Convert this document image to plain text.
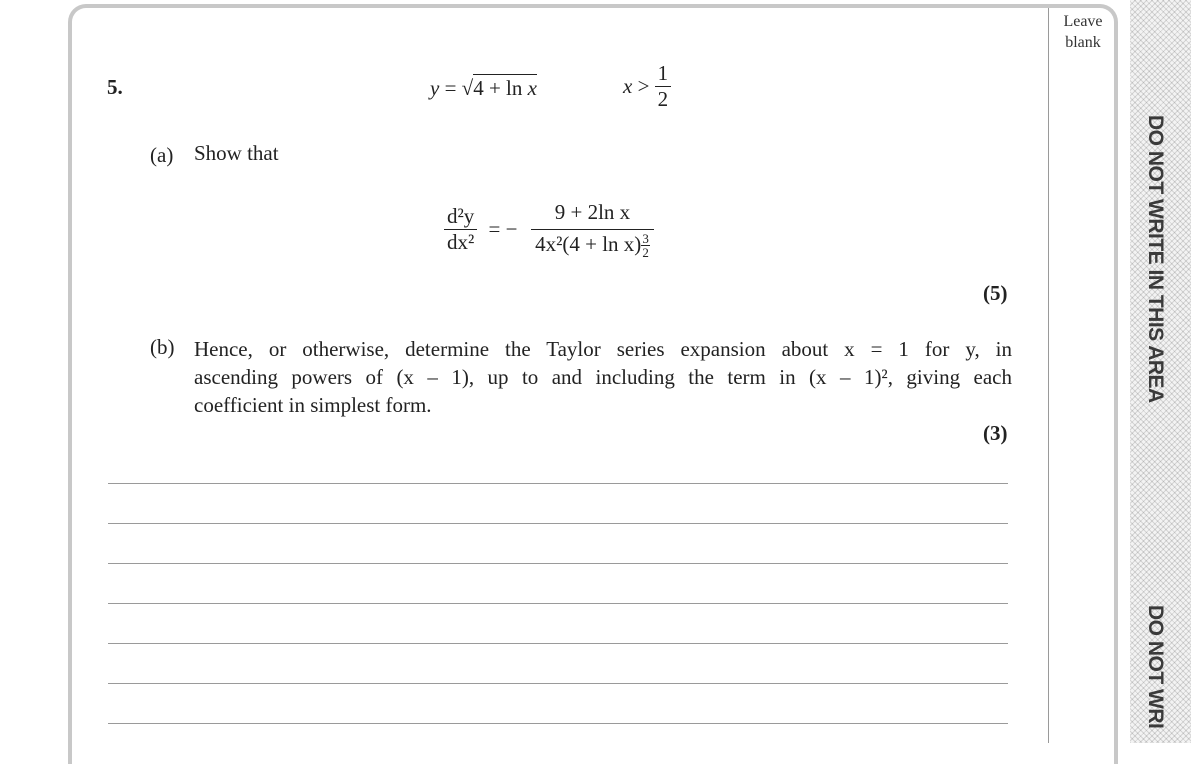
Leave
blank
DO NOT WRITE IN THIS AREA
DO NOT WRI
5.	y = √4 + ln x	$x > \frac{1}{2}$
(a) Show that
$\frac{\text{d²y}}{\text{dx²}}$ = − $\frac{\text{9 + 2ln x}}{4x^2(4 + \ln x) \frac{3}{2}}$
(5)
(b) Hence, or otherwise, determine the Taylor series expansion about x = 1 for y, in
ascending powers of (x – 1), up to and including the term in (x – 1)², giving each
coefficient in simplest form.
(3)
